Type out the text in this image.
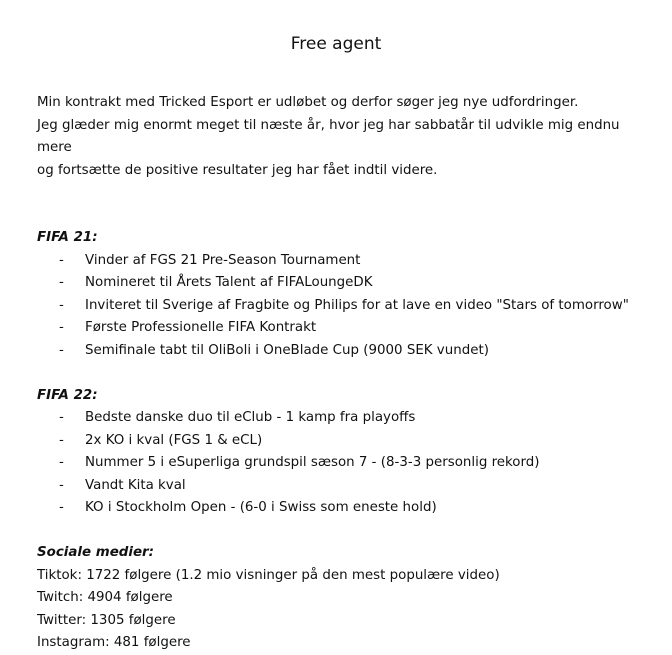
Free agent

Min kontrakt med Tricked Esport er udløbet og derfor søger jeg nye udfordringer.

Jeg glæder mig enormt meget til næste år, hvor jeg har sabbatår til udvikle mig endnu mere

og fortsætte de positive resultater jeg har fået indtil videre.

FIFA 21:

- Vinder af FGS 21 Pre-Season Tournament
- Nomineret til Årets Talent af FIFALoungeDK
- Inviteret til Sverige af Fragbite og Philips for at lave en video "Stars of tomorrow"
- Første Professionelle FIFA Kontrakt
- Semifinale tabt til OliBoli i OneBlade Cup (9000 SEK vundet)

FIFA 22:

- Bedste danske duo til eClub - 1 kamp fra playoffs
- 2x KO i kval (FGS 1 & eCL)
- Nummer 5 i eSuperliga grundspil sæson 7 - (8-3-3 personlig rekord)
- Vandt Kita kval
- KO i Stockholm Open - (6-0 i Swiss som eneste hold)

Sociale medier:

Tiktok: 1722 følgere (1.2 mio visninger på den mest populære video)

Twitch: 4904 følgere

Twitter: 1305 følgere

Instagram: 481 følgere
